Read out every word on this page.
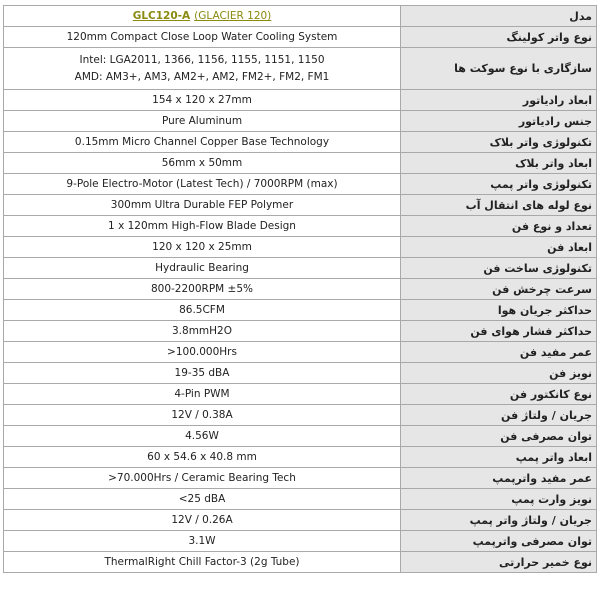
GLC120-A (GLACIER 120)	مدل
120mm Compact Close Loop Water Cooling System	نوع واتر کولینگ

Intel: LGA2011, 1366, 1156, 1155, 1151, 1150
AMD: AM3+, AM3, AM2+, AM2, FM2+, FM2, FM1	سازگاری با نوع سوکت ها
154 x 120 x 27mm	ابعاد رادیاتور
Pure Aluminum	جنس رادیاتور
0.15mm Micro Channel Copper Base Technology	تکنولوژی واتر بلاک
56mm x 50mm	ابعاد واتر بلاک
9-Pole Electro-Motor (Latest Tech) / 7000RPM (max)	تکنولوژی واتر پمپ
300mm Ultra Durable FEP Polymer	نوع لوله های انتقال آب
1 x 120mm High-Flow Blade Design	تعداد و نوع فن
120 x 120 x 25mm	ابعاد فن
Hydraulic Bearing	تکنولوژی ساخت فن
800-2200RPM ±5%	سرعت چرخش فن
86.5CFM	حداکثر جریان هوا
3.8mmH2O	حداکثر فشار هوای فن
>100.000Hrs	عمر مفید فن
19-35 dBA	نویز فن
4-Pin PWM	نوع کانکتور فن
12V / 0.38A	جریان / ولتاژ فن
4.56W	توان مصرفی فن
60 x 54.6 x 40.8 mm	ابعاد واتر پمپ
>70.000Hrs / Ceramic Bearing Tech	عمر مفید واترپمپ
<25 dBA	نویز وارت پمپ
12V / 0.26A	جریان / ولتاژ واتر پمپ
3.1W	توان مصرفی واترپمپ
ThermalRight Chill Factor-3 (2g Tube)	نوع خمیر حرارتی
